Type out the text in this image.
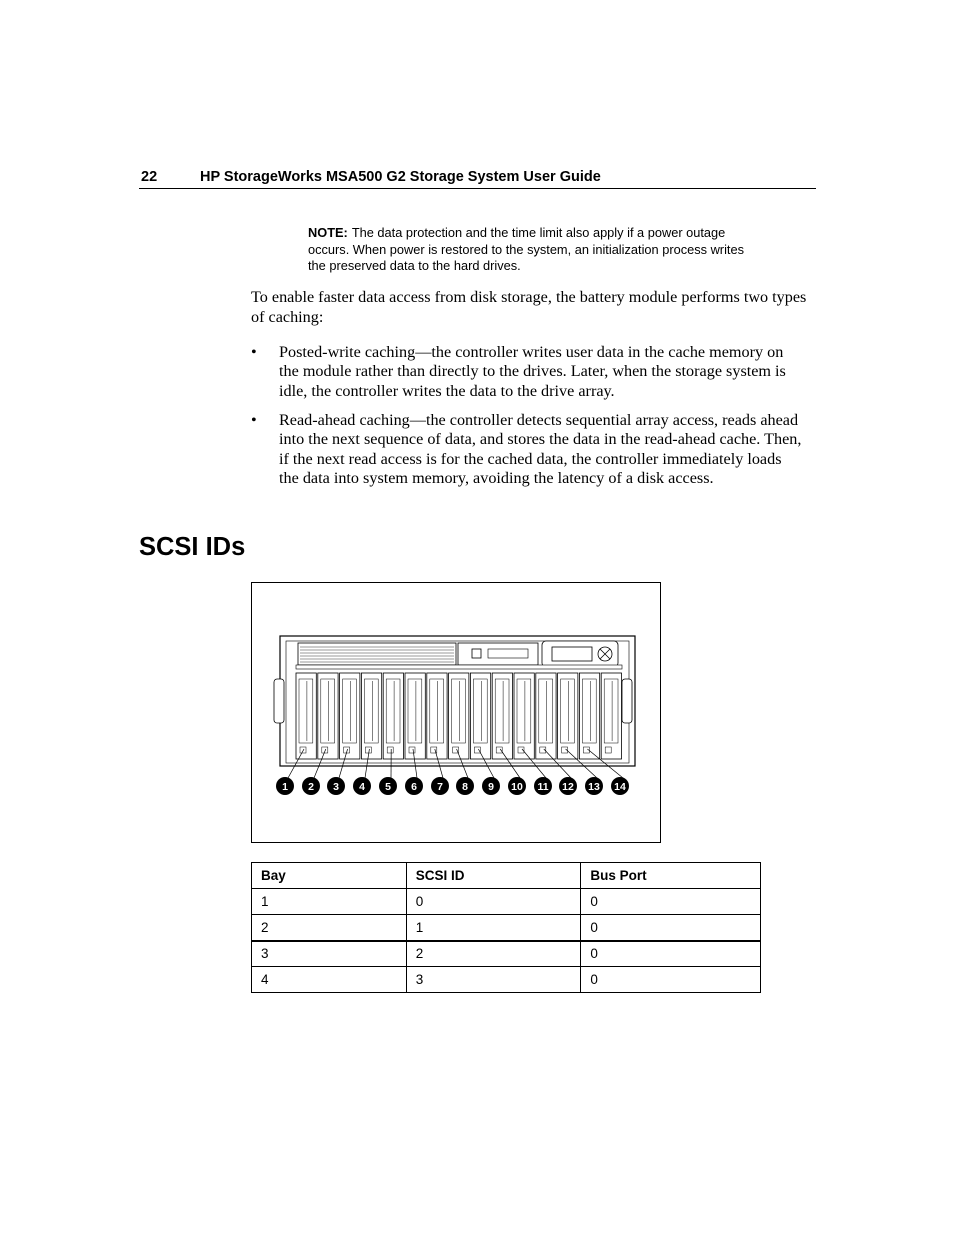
22	HP StorageWorks MSA500 G2 Storage System User Guide
NOTE: The data protection and the time limit also apply if a power outage occurs. When power is restored to the system, an initialization process writes the preserved data to the hard drives.
To enable faster data access from disk storage, the battery module performs two types of caching:
• Posted-write caching—the controller writes user data in the cache memory on the module rather than directly to the drives. Later, when the storage system is idle, the controller writes the data to the drive array.
• Read-ahead caching—the controller detects sequential array access, reads ahead into the next sequence of data, and stores the data in the read-ahead cache. Then, if the next read access is for the cached data, the controller immediately loads the data into system memory, avoiding the latency of a disk access.
SCSI IDs
1 2 3 4 5 6 7 8 9 10 11 12 13 14
Bay	SCSI ID	Bus Port
1	0	0
2	1	0
3	2	0
4	3	0
